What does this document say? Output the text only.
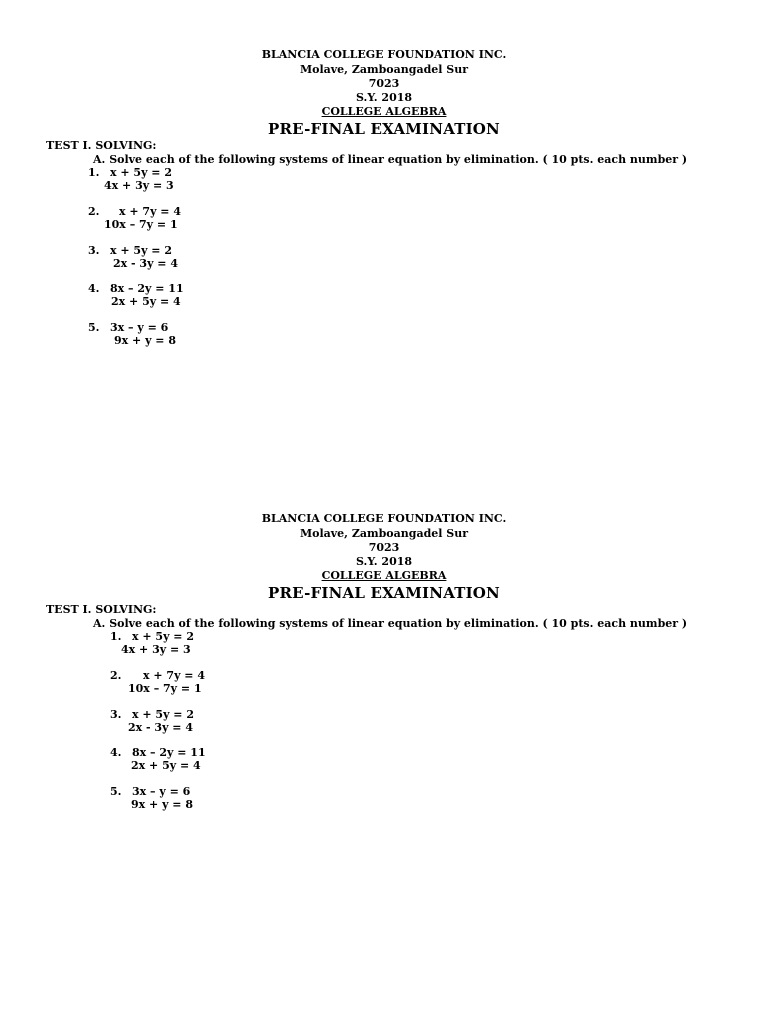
BLANCIA COLLEGE FOUNDATION INC.
Molave, Zamboangadel Sur
7023
S.Y. 2018
COLLEGE ALGEBRA
PRE-FINAL EXAMINATION
TEST I. SOLVING:
A. Solve each of the following systems of linear equation by elimination. ( 10 pts. each number )
1. x + 5y = 2
4x + 3y = 3
2. x + 7y = 4
10x – 7y = 1
3. x + 5y = 2
2x - 3y = 4
4. 8x – 2y = 11
2x + 5y = 4
5. 3x – y = 6
9x + y = 8
BLANCIA COLLEGE FOUNDATION INC.
Molave, Zamboangadel Sur
7023
S.Y. 2018
COLLEGE ALGEBRA
PRE-FINAL EXAMINATION
TEST I. SOLVING:
A. Solve each of the following systems of linear equation by elimination. ( 10 pts. each number )
1. x + 5y = 2
4x + 3y = 3
2. x + 7y = 4
10x – 7y = 1
3. x + 5y = 2
2x - 3y = 4
4. 8x – 2y = 11
2x + 5y = 4
5. 3x – y = 6
9x + y = 8
